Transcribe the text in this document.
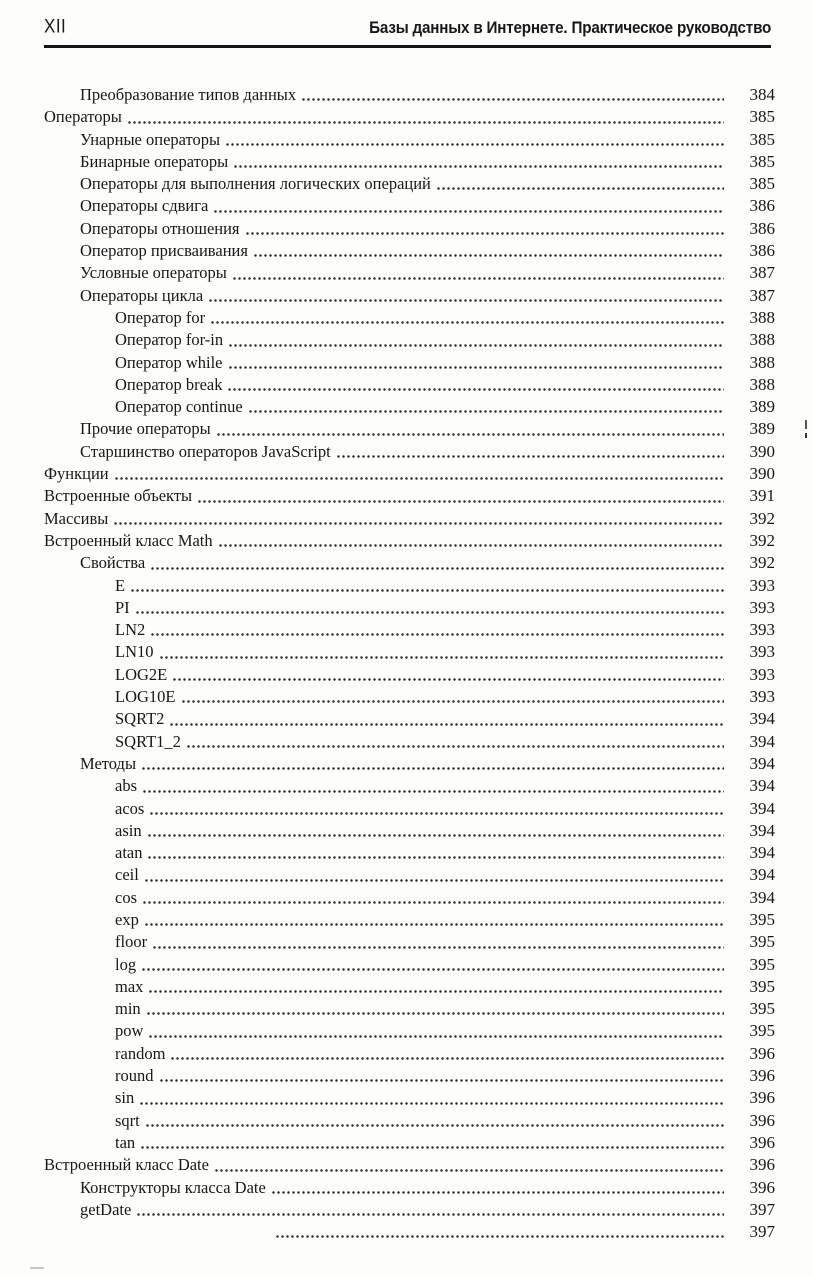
XII	Базы данных в Интернете. Практическое руководство
Преобразование типов данных	384
Операторы	385
Унарные операторы	385
Бинарные операторы	385
Операторы для выполнения логических операций	385
Операторы сдвига	386
Операторы отношения	386
Оператор присваивания	386
Условные операторы	387
Операторы цикла	387
Оператор for	388
Оператор for-in	388
Оператор while	388
Оператор break	388
Оператор continue	389
Прочие операторы	389
Старшинство операторов JavaScript	390
Функции	390
Встроенные объекты	391
Массивы	392
Встроенный класс Math	392
Свойства	392
E	393
PI	393
LN2	393
LN10	393
LOG2E	393
LOG10E	393
SQRT2	394
SQRT1_2	394
Методы	394
abs	394
acos	394
asin	394
atan	394
ceil	394
cos	394
exp	395
floor	395
log	395
max	395
min	395
pow	395
random	396
round	396
sin	396
sqrt	396
tan	396
Встроенный класс Date	396
Конструкторы класса Date	396
getDate	397
397
